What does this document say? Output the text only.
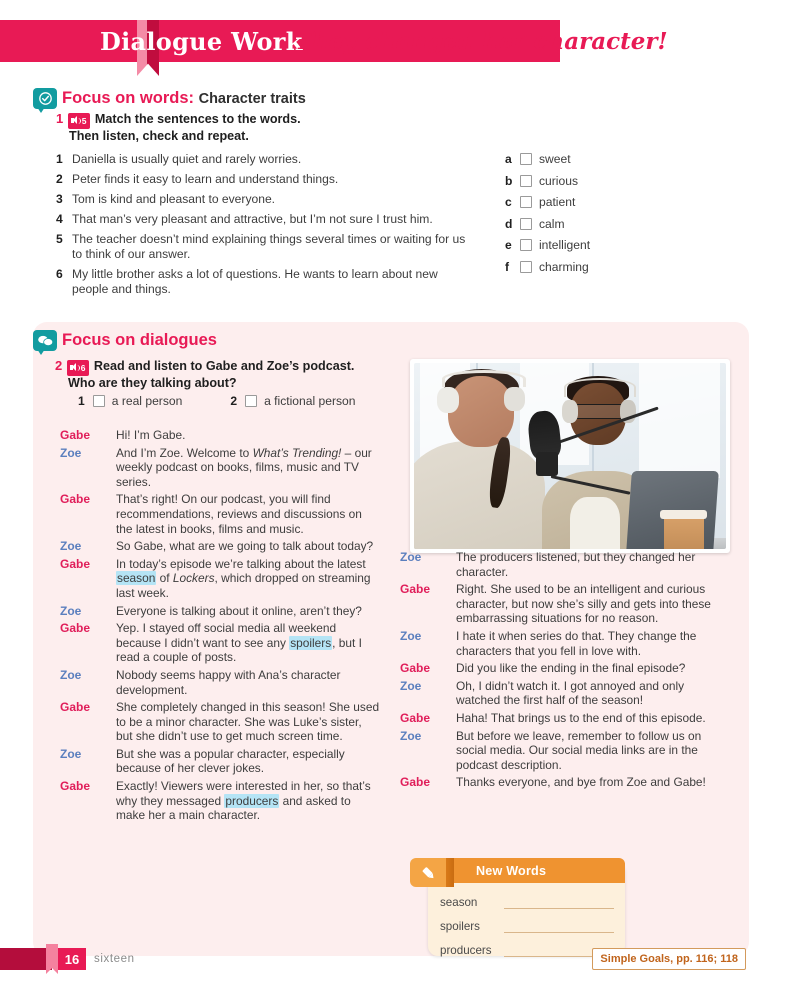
Dialogue Work
They changed her character!
Focus on words: Character traits
1 5 Match the sentences to the words.
Then listen, check and repeat.
1 Daniella is usually quiet and rarely worries.
2 Peter finds it easy to learn and understand things.
3 Tom is kind and pleasant to everyone.
4 That man’s very pleasant and attractive, but I’m not sure I trust him.
5 The teacher doesn’t mind explaining things several times or waiting for us to think of our answer.
6 My little brother asks a lot of questions. He wants to learn about new people and things.
a	sweet
b	curious
c	patient
d	calm
e	intelligent
f	charming
Focus on dialogues
2 6 Read and listen to Gabe and Zoe’s podcast.
Who are they talking about?
1 a real person	2 a fictional person
Gabe	Hi! I’m Gabe.
Zoe	And I’m Zoe. Welcome to What’s Trending! – our weekly podcast on books, films, music and TV series.
Gabe	That’s right! On our podcast, you will find recommendations, reviews and discussions on the latest in books, films and music.
Zoe	So Gabe, what are we going to talk about today?
Gabe	In today’s episode we’re talking about the latest season of Lockers, which dropped on streaming last week.
Zoe	Everyone is talking about it online, aren’t they?
Gabe	Yep. I stayed off social media all weekend because I didn’t want to see any spoilers, but I read a couple of posts.
Zoe	Nobody seems happy with Ana’s character development.
Gabe	She completely changed in this season! She used to be a minor character. She was Luke’s sister, but she didn’t use to get much screen time.
Zoe	But she was a popular character, especially because of her clever jokes.
Gabe	Exactly! Viewers were interested in her, so that’s why they messaged producers and asked to make her a main character.
Zoe	The producers listened, but they changed her character.
Gabe	Right. She used to be an intelligent and curious character, but now she’s silly and gets into these embarrassing situations for no reason.
Zoe	I hate it when series do that. They change the characters that you fell in love with.
Gabe	Did you like the ending in the final episode?
Zoe	Oh, I didn’t watch it. I got annoyed and only watched the first half of the season!
Gabe	Haha! That brings us to the end of this episode.
Zoe	But before we leave, remember to follow us on social media. Our social media links are in the podcast description.
Gabe	Thanks everyone, and bye from Zoe and Gabe!
New Words
season
spoilers
producers
16	sixteen	Simple Goals, pp. 116; 118
